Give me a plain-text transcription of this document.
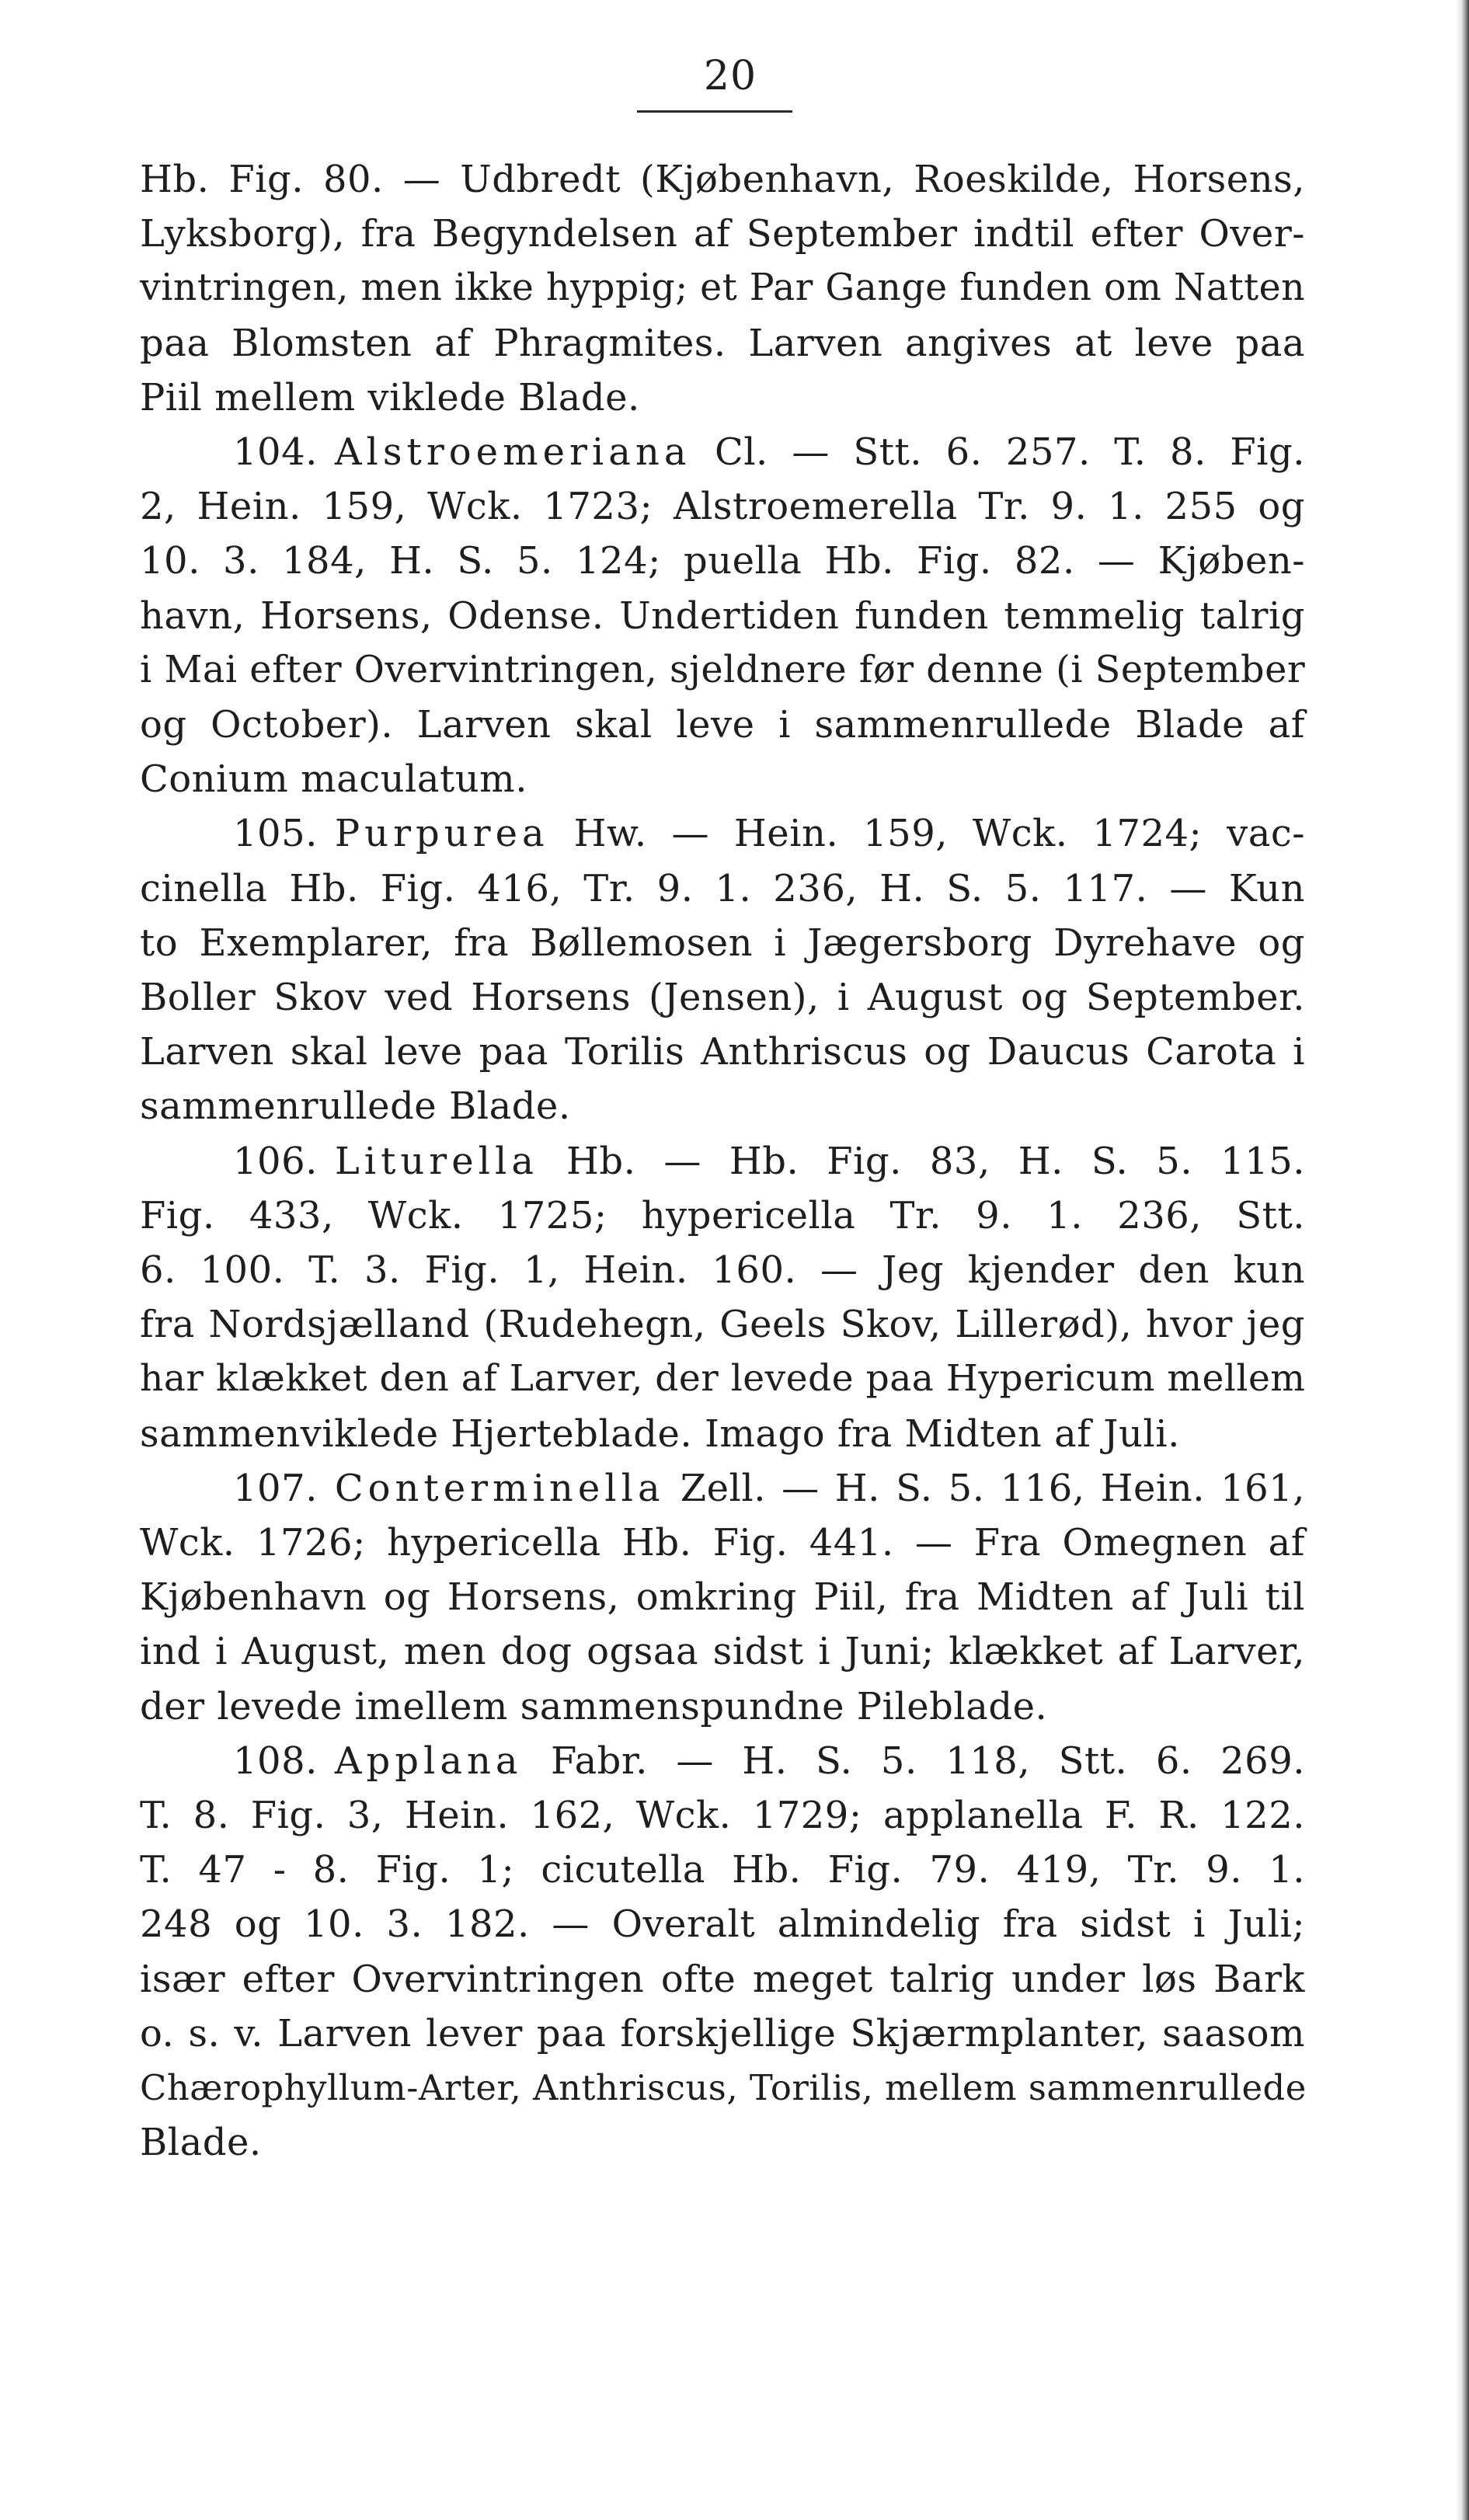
20
Hb. Fig. 80. — Udbredt (Kjøbenhavn, Roeskilde, Horsens,
Lyksborg), fra Begyndelsen af September indtil efter Over-
vintringen, men ikke hyppig; et Par Gange funden om Natten
paa Blomsten af Phragmites. Larven angives at leve paa
Piil mellem viklede Blade.
104. Alstroemeriana Cl. — Stt. 6. 257. T. 8. Fig.
2, Hein. 159, Wck. 1723; Alstroemerella Tr. 9. 1. 255 og
10. 3. 184, H. S. 5. 124; puella Hb. Fig. 82. — Kjøben-
havn, Horsens, Odense. Undertiden funden temmelig talrig
i Mai efter Overvintringen, sjeldnere før denne (i September
og October). Larven skal leve i sammenrullede Blade af
Conium maculatum.
105. Purpurea Hw. — Hein. 159, Wck. 1724; vac-
cinella Hb. Fig. 416, Tr. 9. 1. 236, H. S. 5. 117. — Kun
to Exemplarer, fra Bøllemosen i Jægersborg Dyrehave og
Boller Skov ved Horsens (Jensen), i August og September.
Larven skal leve paa Torilis Anthriscus og Daucus Carota i
sammenrullede Blade.
106. Liturella Hb. — Hb. Fig. 83, H. S. 5. 115.
Fig. 433, Wck. 1725; hypericella Tr. 9. 1. 236, Stt.
6. 100. T. 3. Fig. 1, Hein. 160. — Jeg kjender den kun
fra Nordsjælland (Rudehegn, Geels Skov, Lillerød), hvor jeg
har klækket den af Larver, der levede paa Hypericum mellem
sammenviklede Hjerteblade. Imago fra Midten af Juli.
107. Conterminella Zell. — H. S. 5. 116, Hein. 161,
Wck. 1726; hypericella Hb. Fig. 441. — Fra Omegnen af
Kjøbenhavn og Horsens, omkring Piil, fra Midten af Juli til
ind i August, men dog ogsaa sidst i Juni; klækket af Larver,
der levede imellem sammenspundne Pileblade.
108. Applana Fabr. — H. S. 5. 118, Stt. 6. 269.
T. 8. Fig. 3, Hein. 162, Wck. 1729; applanella F. R. 122.
T. 47 - 8. Fig. 1; cicutella Hb. Fig. 79. 419, Tr. 9. 1.
248 og 10. 3. 182. — Overalt almindelig fra sidst i Juli;
især efter Overvintringen ofte meget talrig under løs Bark
o. s. v. Larven lever paa forskjellige Skjærmplanter, saasom
Chærophyllum-Arter, Anthriscus, Torilis, mellem sammenrullede
Blade.
